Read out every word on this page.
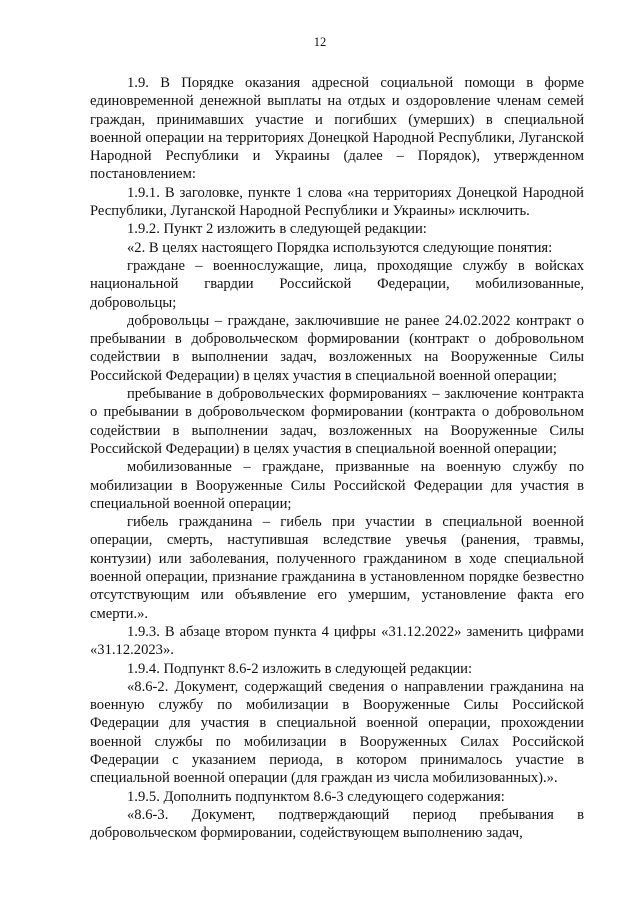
12

1.9. В Порядке оказания адресной социальной помощи в форме единовременной денежной выплаты на отдых и оздоровление членам семей граждан, принимавших участие и погибших (умерших) в специальной военной операции на территориях Донецкой Народной Республики, Луганской Народной Республики и Украины (далее – Порядок), утвержденном постановлением:

1.9.1. В заголовке, пункте 1 слова «на территориях Донецкой Народной Республики, Луганской Народной Республики и Украины» исключить.

1.9.2. Пункт 2 изложить в следующей редакции:

«2. В целях настоящего Порядка используются следующие понятия:

граждане – военнослужащие, лица, проходящие службу в войсках национальной гвардии Российской Федерации, мобилизованные, добровольцы;

добровольцы – граждане, заключившие не ранее 24.02.2022 контракт о пребывании в добровольческом формировании (контракт о добровольном содействии в выполнении задач, возложенных на Вооруженные Силы Российской Федерации) в целях участия в специальной военной операции;

пребывание в добровольческих формированиях – заключение контракта о пребывании в добровольческом формировании (контракта о добровольном содействии в выполнении задач, возложенных на Вооруженные Силы Российской Федерации) в целях участия в специальной военной операции;

мобилизованные – граждане, призванные на военную службу по мобилизации в Вооруженные Силы Российской Федерации для участия в специальной военной операции;

гибель гражданина – гибель при участии в специальной военной операции, смерть, наступившая вследствие увечья (ранения, травмы, контузии) или заболевания, полученного гражданином в ходе специальной военной операции, признание гражданина в установленном порядке безвестно отсутствующим или объявление его умершим, установление факта его смерти.».

1.9.3. В абзаце втором пункта 4 цифры «31.12.2022» заменить цифрами «31.12.2023».

1.9.4. Подпункт 8.6-2 изложить в следующей редакции:

«8.6-2. Документ, содержащий сведения о направлении гражданина на военную службу по мобилизации в Вооруженные Силы Российской Федерации для участия в специальной военной операции, прохождении военной службы по мобилизации в Вооруженных Силах Российской Федерации с указанием периода, в котором принималось участие в специальной военной операции (для граждан из числа мобилизованных).».

1.9.5. Дополнить подпунктом 8.6-3 следующего содержания:

«8.6-3. Документ, подтверждающий период пребывания в добровольческом формировании, содействующем выполнению задач,
